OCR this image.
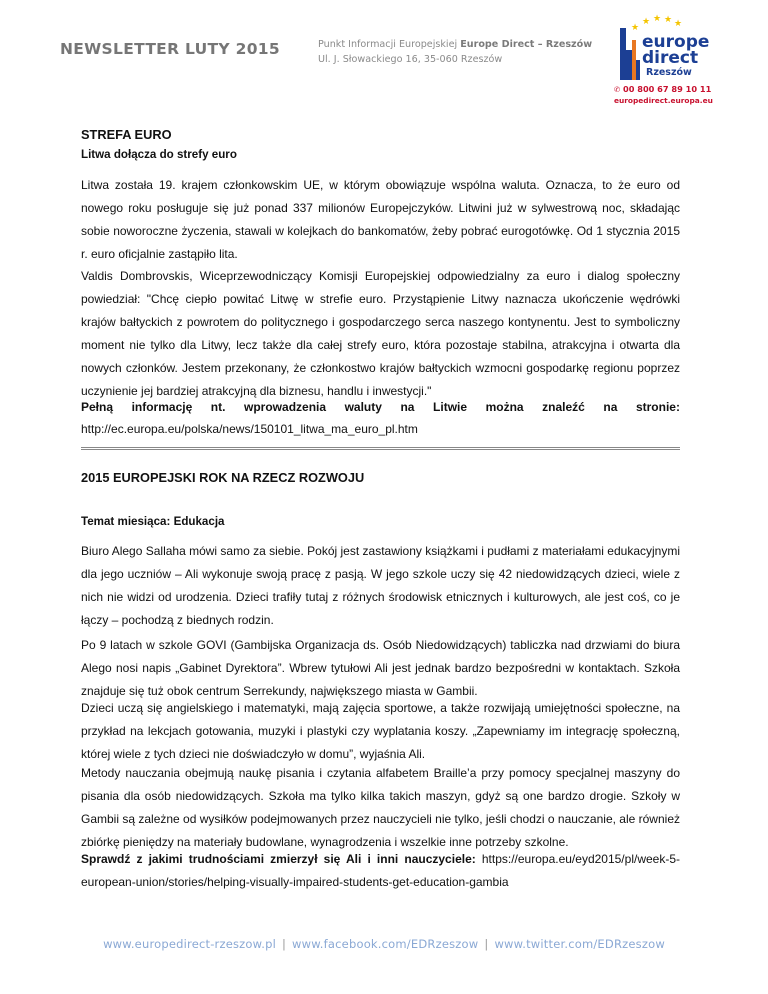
NEWSLETTER LUTY 2015	Punkt Informacji Europejskiej Europe Direct – Rzeszów
Ul. J. Słowackiego 16, 35-060 Rzeszów
★ ★ ★ ★
★
europe
direct
Rzeszów
✆ 00 800 67 89 10 11
europedirect.europa.eu
STREFA EURO
Litwa dołącza do strefy euro

Litwa została 19. krajem członkowskim UE, w którym obowiązuje wspólna waluta. Oznacza, to że euro od nowego roku posługuje się już ponad 337 milionów Europejczyków. Litwini już w sylwestrową noc, składając sobie noworoczne życzenia, stawali w kolejkach do bankomatów, żeby pobrać eurogotówkę. Od 1 stycznia 2015 r. euro oficjalnie zastąpiło lita.

Valdis Dombrovskis, Wiceprzewodniczący Komisji Europejskiej odpowiedzialny za euro i dialog społeczny powiedział: "Chcę ciepło powitać Litwę w strefie euro. Przystąpienie Litwy naznacza ukończenie wędrówki krajów bałtyckich z powrotem do politycznego i gospodarczego serca naszego kontynentu. Jest to symboliczny moment nie tylko dla Litwy, lecz także dla całej strefy euro, która pozostaje stabilna, atrakcyjna i otwarta dla nowych członków. Jestem przekonany, że członkostwo krajów bałtyckich wzmocni gospodarkę regionu poprzez uczynienie jej bardziej atrakcyjną dla biznesu, handlu i inwestycji."

Pełną informację nt. wprowadzenia waluty na Litwie można znaleźć na stronie:
http://ec.europa.eu/polska/news/150101_litwa_ma_euro_pl.htm
2015 EUROPEJSKI ROK NA RZECZ ROZWOJU
Temat miesiąca: Edukacja

Biuro Alego Sallaha mówi samo za siebie. Pokój jest zastawiony książkami i pudłami z materiałami edukacyjnymi dla jego uczniów – Ali wykonuje swoją pracę z pasją. W jego szkole uczy się 42 niedowidzących dzieci, wiele z nich nie widzi od urodzenia. Dzieci trafiły tutaj z różnych środowisk etnicznych i kulturowych, ale jest coś, co je łączy – pochodzą z biednych rodzin.

Po 9 latach w szkole GOVI (Gambijska Organizacja ds. Osób Niedowidzących) tabliczka nad drzwiami do biura Alego nosi napis „Gabinet Dyrektora”. Wbrew tytułowi Ali jest jednak bardzo bezpośredni w kontaktach. Szkoła znajduje się tuż obok centrum Serrekundy, największego miasta w Gambii.

Dzieci uczą się angielskiego i matematyki, mają zajęcia sportowe, a także rozwijają umiejętności społeczne, na przykład na lekcjach gotowania, muzyki i plastyki czy wyplatania koszy. „Zapewniamy im integrację społeczną, której wiele z tych dzieci nie doświadczyło w domu”, wyjaśnia Ali.

Metody nauczania obejmują naukę pisania i czytania alfabetem Braille’a przy pomocy specjalnej maszyny do pisania dla osób niedowidzących. Szkoła ma tylko kilka takich maszyn, gdyż są one bardzo drogie. Szkoły w Gambii są zależne od wysiłków podejmowanych przez nauczycieli nie tylko, jeśli chodzi o nauczanie, ale również zbiórkę pieniędzy na materiały budowlane, wynagrodzenia i wszelkie inne potrzeby szkolne.

Sprawdź z jakimi trudnościami zmierzył się Ali i inni nauczyciele: https://europa.eu/eyd2015/pl/week-5-european-union/stories/helping-visually-impaired-students-get-education-gambia

www.europedirect-rzeszow.pl | www.facebook.com/EDRzeszow | www.twitter.com/EDRzeszow
